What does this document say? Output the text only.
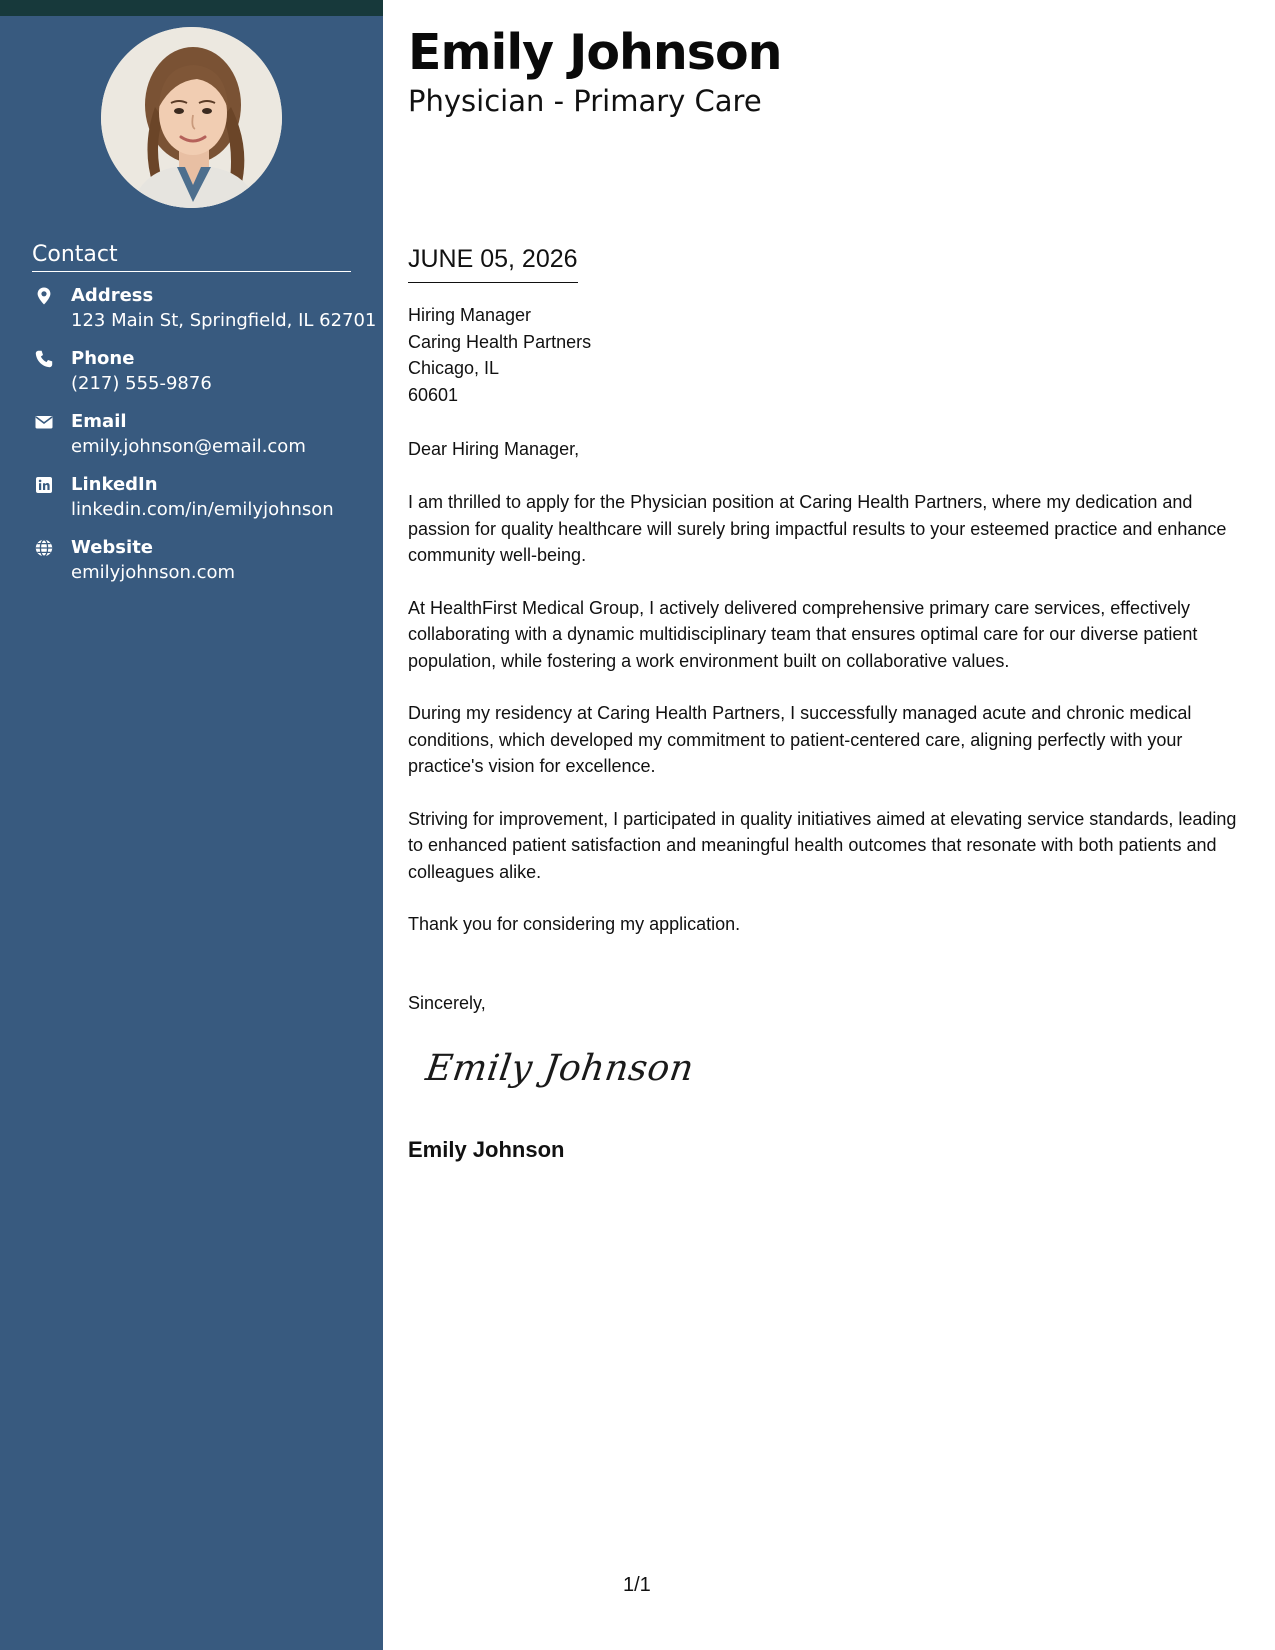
Contact
Address
123 Main St, Springfield, IL 62701
Phone
(217) 555-9876
Email
emily.johnson@email.com
LinkedIn
linkedin.com/in/emilyjohnson
Website
emilyjohnson.com
Emily Johnson
Physician - Primary Care
JUNE 05, 2026
Hiring Manager
Caring Health Partners
Chicago, IL
60601
Dear Hiring Manager,

I am thrilled to apply for the Physician position at Caring Health Partners, where my dedication and passion for quality healthcare will surely bring impactful results to your esteemed practice and enhance community well-being.

At HealthFirst Medical Group, I actively delivered comprehensive primary care services, effectively collaborating with a dynamic multidisciplinary team that ensures optimal care for our diverse patient population, while fostering a work environment built on collaborative values.

During my residency at Caring Health Partners, I successfully managed acute and chronic medical conditions, which developed my commitment to patient-centered care, aligning perfectly with your practice's vision for excellence.

Striving for improvement, I participated in quality initiatives aimed at elevating service standards, leading to enhanced patient satisfaction and meaningful health outcomes that resonate with both patients and colleagues alike.

Thank you for considering my application.

Sincerely,
Emily Johnson
Emily Johnson
1/1
